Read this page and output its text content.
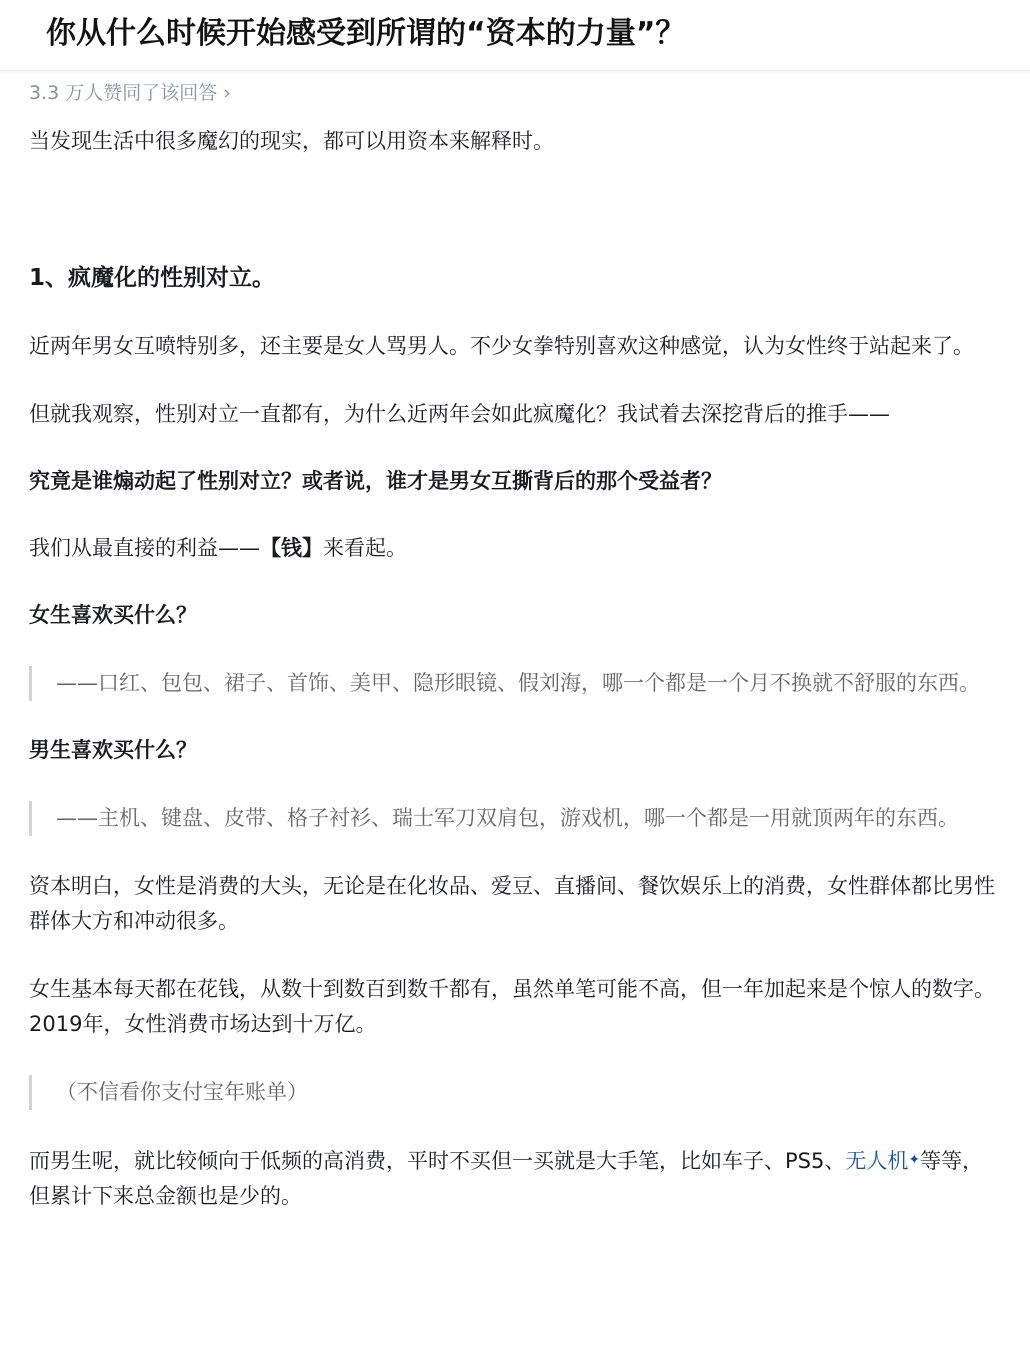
你从什么时候开始感受到所谓的“资本的力量”？

3.3 万人赞同了该回答 ›

当发现生活中很多魔幻的现实，都可以用资本来解释时。

1、疯魔化的性别对立。

近两年男女互喷特别多，还主要是女人骂男人。不少女拳特别喜欢这种感觉，认为女性终于站起来了。

但就我观察，性别对立一直都有，为什么近两年会如此疯魔化？我试着去深挖背后的推手——

究竟是谁煽动起了性别对立？或者说，谁才是男女互撕背后的那个受益者？

我们从最直接的利益——【钱】来看起。

女生喜欢买什么？

——口红、包包、裙子、首饰、美甲、隐形眼镜、假刘海，哪一个都是一个月不换就不舒服的东西。

男生喜欢买什么？

——主机、键盘、皮带、格子衬衫、瑞士军刀双肩包，游戏机，哪一个都是一用就顶两年的东西。

资本明白，女性是消费的大头，无论是在化妆品、爱豆、直播间、餐饮娱乐上的消费，女性群体都比男性群体大方和冲动很多。

女生基本每天都在花钱，从数十到数百到数千都有，虽然单笔可能不高，但一年加起来是个惊人的数字。2019年，女性消费市场达到十万亿。

（不信看你支付宝年账单）

而男生呢，就比较倾向于低频的高消费，平时不买但一买就是大手笔，比如车子、PS5、无人机✦等等，但累计下来总金额也是少的。
